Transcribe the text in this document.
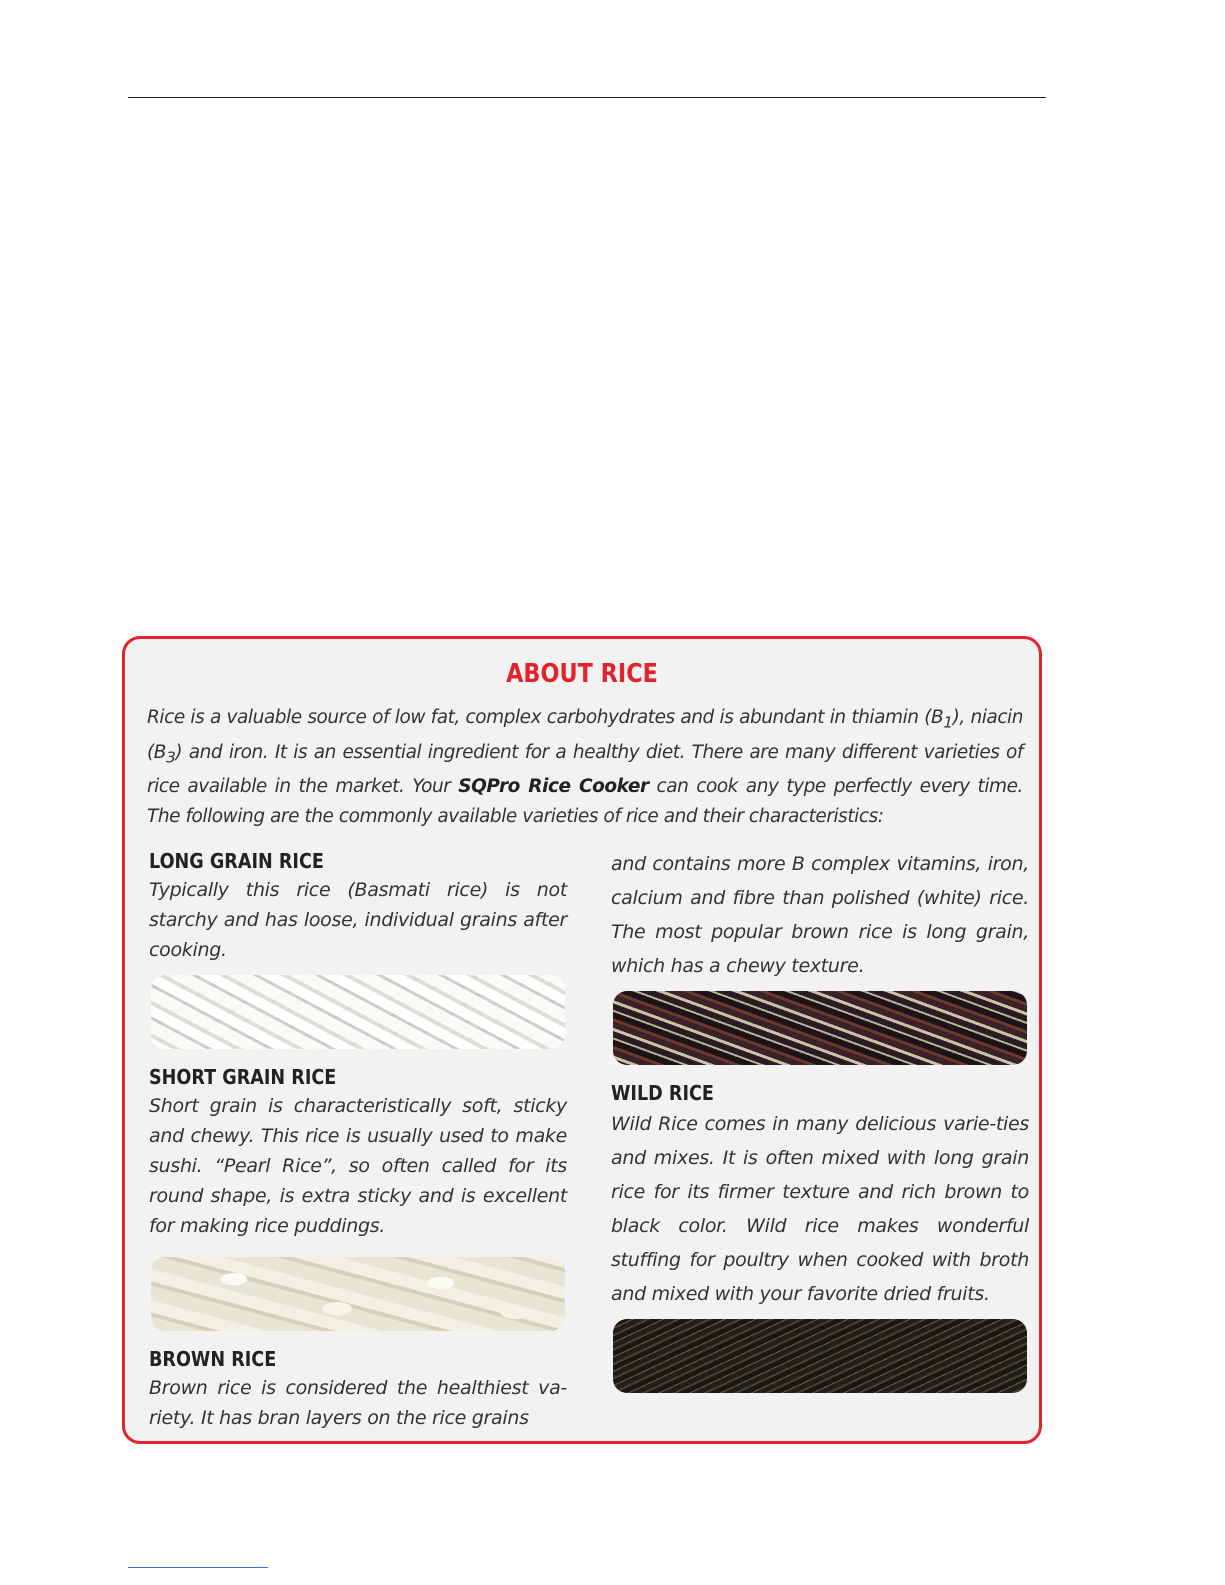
ABOUT RICE
Rice is a valuable source of low fat, complex carbohydrates and is abundant in thiamin $(B_1)$, niacin $(B_3)$ and iron. It is an essential ingredient for a healthy diet. There are many different varieties of rice available in the market. Your SQPro Rice Cooker can cook any type perfectly every time. The following are the commonly available varieties of rice and their characteristics:
LONG GRAIN RICE
Typically this rice (Basmati rice) is not starchy and has loose, individual grains after cooking.
SHORT GRAIN RICE
Short grain is characteristically soft, sticky and chewy. This rice is usually used to make sushi. “Pearl Rice”, so often called for its round shape, is extra sticky and is excellent for making rice puddings.
BROWN RICE
Brown rice is considered the healthiest va-riety. It has bran layers on the rice grains
and contains more B complex vitamins, iron, calcium and fibre than polished (white) rice. The most popular brown rice is long grain, which has a chewy texture.
WILD RICE
Wild Rice comes in many delicious varie-ties and mixes. It is often mixed with long grain rice for its firmer texture and rich brown to black color. Wild rice makes wonderful stuffing for poultry when cooked with broth and mixed with your favorite dried fruits.
